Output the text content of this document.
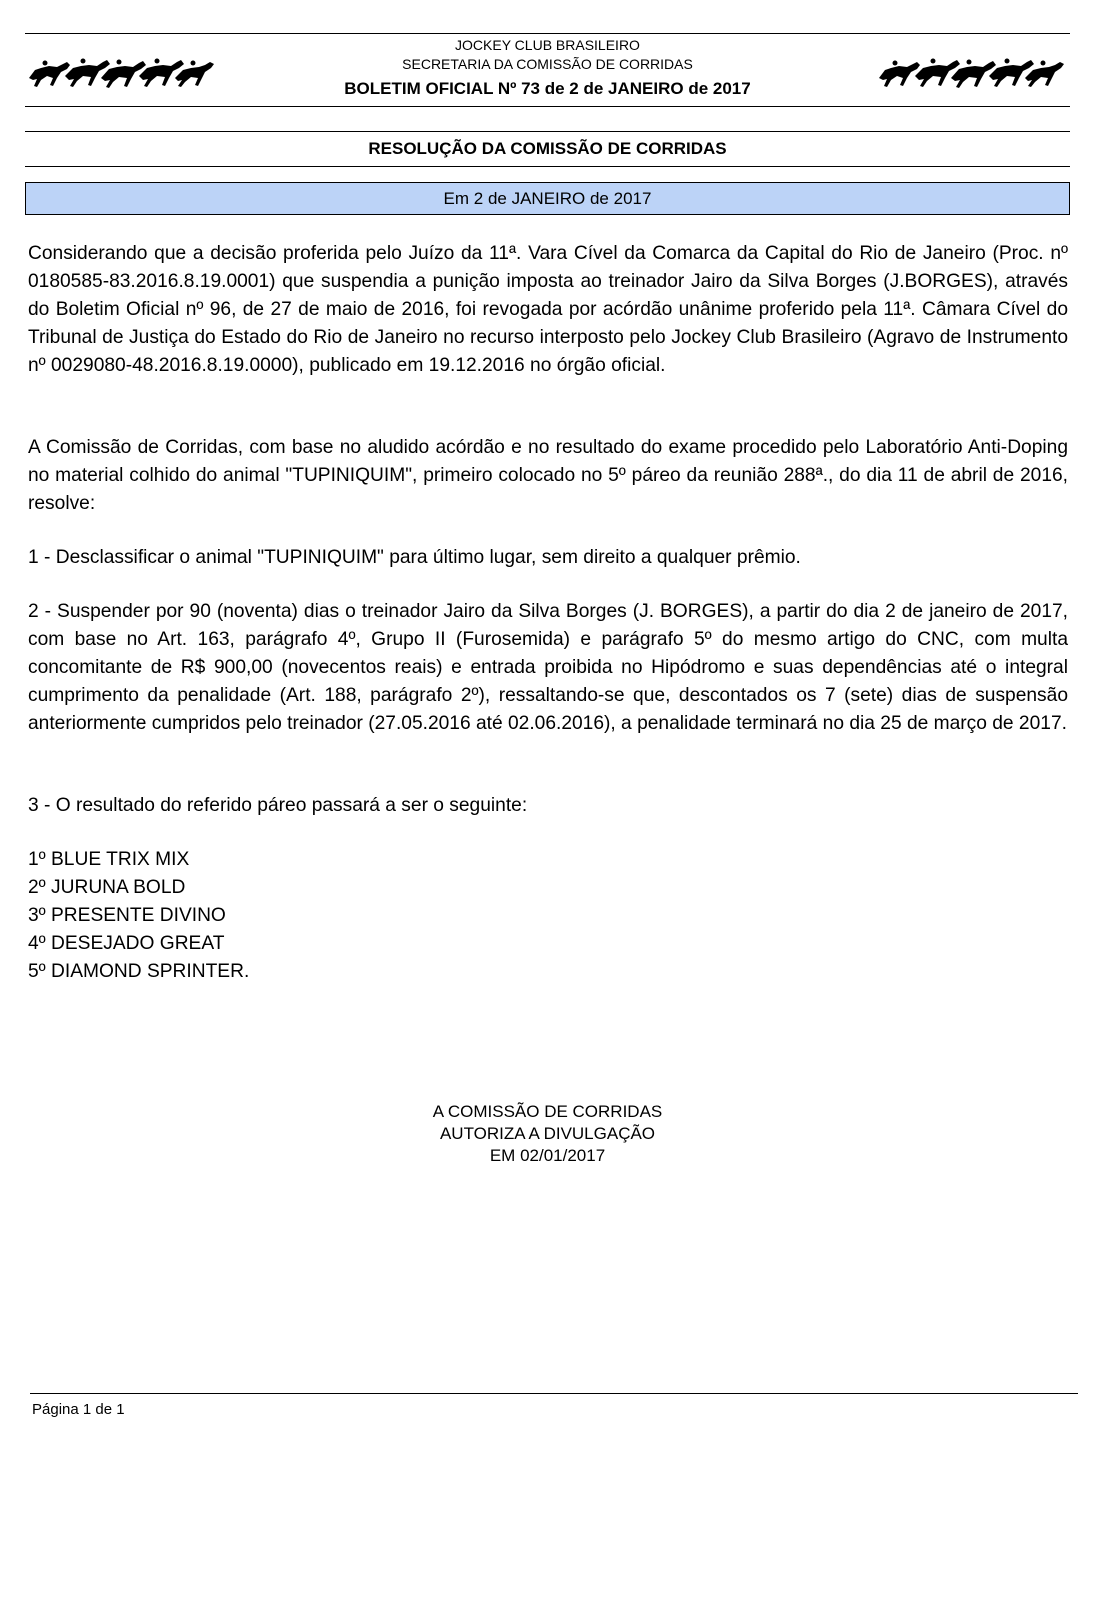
JOCKEY CLUB BRASILEIRO
SECRETARIA DA COMISSÃO DE CORRIDAS
BOLETIM OFICIAL Nº 73 de 2 de JANEIRO de 2017
RESOLUÇÃO DA COMISSÃO DE CORRIDAS
Em 2 de JANEIRO de 2017
Considerando que a decisão proferida pelo Juízo da 11ª. Vara Cível da Comarca da Capital do Rio de Janeiro (Proc. nº 0180585-83.2016.8.19.0001) que suspendia a punição imposta ao treinador Jairo da Silva Borges (J.BORGES), através do Boletim Oficial nº 96, de 27 de maio de 2016, foi revogada por acórdão unânime proferido pela 11ª. Câmara Cível do Tribunal de Justiça do Estado do Rio de Janeiro no recurso interposto pelo Jockey Club Brasileiro (Agravo de Instrumento nº 0029080-48.2016.8.19.0000), publicado em 19.12.2016 no órgão oficial.
A Comissão de Corridas, com base no aludido acórdão e no resultado do exame procedido pelo Laboratório Anti-Doping no material colhido do animal "TUPINIQUIM", primeiro colocado no 5º páreo da reunião 288ª., do dia 11 de abril de 2016, resolve:
1 - Desclassificar o animal "TUPINIQUIM" para último lugar, sem direito a qualquer prêmio.
2 - Suspender por 90 (noventa) dias o treinador Jairo da Silva Borges (J. BORGES), a partir do dia 2 de janeiro de 2017, com base no Art. 163, parágrafo 4º, Grupo II (Furosemida) e parágrafo 5º do mesmo artigo do CNC, com multa concomitante de R$ 900,00 (novecentos reais) e entrada proibida no Hipódromo e suas dependências até o integral cumprimento da penalidade (Art. 188, parágrafo 2º), ressaltando-se que, descontados os 7 (sete) dias de suspensão anteriormente cumpridos pelo treinador (27.05.2016 até 02.06.2016), a penalidade terminará no dia 25 de março de 2017.
3 - O resultado do referido páreo passará a ser o seguinte:
1º BLUE TRIX MIX
2º JURUNA BOLD
3º PRESENTE DIVINO
4º DESEJADO GREAT
5º DIAMOND SPRINTER.
A COMISSÃO DE CORRIDAS
AUTORIZA A DIVULGAÇÃO
EM 02/01/2017
Página 1 de 1
